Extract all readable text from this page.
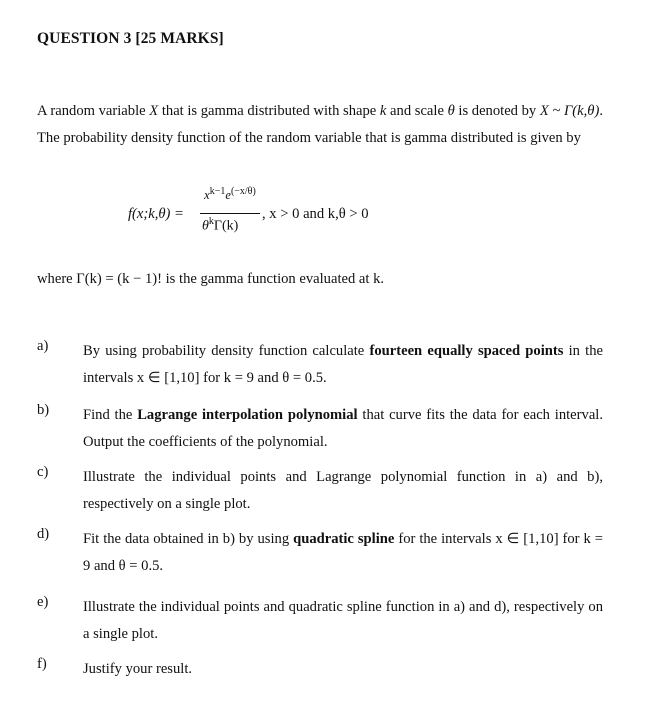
QUESTION 3 [25 MARKS]
A random variable X that is gamma distributed with shape k and scale θ is denoted by X ~ Γ(k,θ). The probability density function of the random variable that is gamma distributed is given by
f(x;k,θ) =
$x^{k-1}e^{(-x/\theta)}$
$\theta^k\Gamma(k)$
, x > 0 and k,θ > 0
where Γ(k) = (k − 1)! is the gamma function evaluated at k.
a) By using probability density function calculate fourteen equally spaced points in the intervals x ∈ [1,10] for k = 9 and θ = 0.5.
b) Find the Lagrange interpolation polynomial that curve fits the data for each interval. Output the coefficients of the polynomial.
c) Illustrate the individual points and Lagrange polynomial function in a) and b), respectively on a single plot.
d) Fit the data obtained in b) by using quadratic spline for the intervals x ∈ [1,10] for k = 9 and θ = 0.5.
e) Illustrate the individual points and quadratic spline function in a) and d), respectively on a single plot.
f) Justify your result.
